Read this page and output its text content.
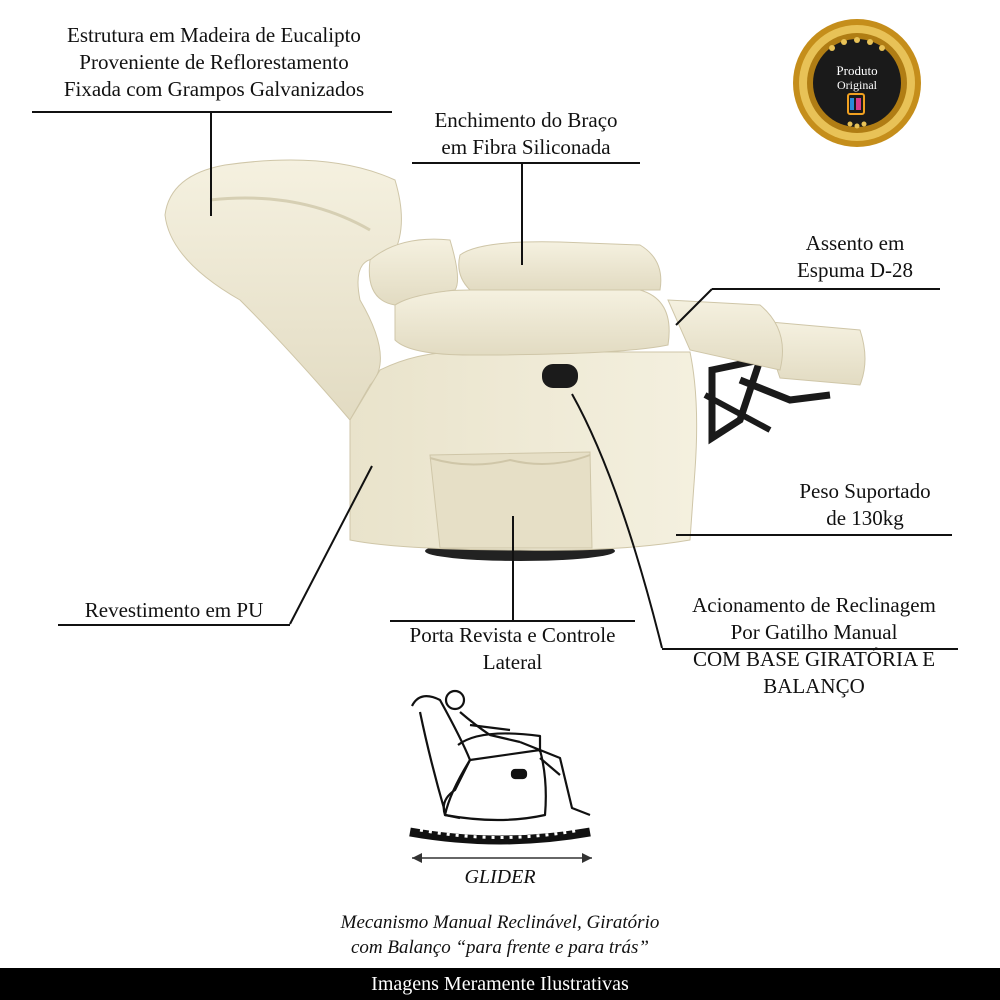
Produto
Original
Estrutura em Madeira de Eucalipto
Proveniente de Reflorestamento
Fixada com Grampos Galvanizados
Enchimento do Braço
em Fibra Siliconada
Assento em
Espuma D-28
Peso Suportado
de 130kg
Revestimento em PU
Porta Revista e Controle
Lateral
Acionamento de Reclinagem
Por Gatilho Manual
COM BASE GIRATÓRIA E
BALANÇO
GLIDER
Mecanismo Manual Reclinável, Giratório
com Balanço “para frente e para trás”
Imagens Meramente Ilustrativas
